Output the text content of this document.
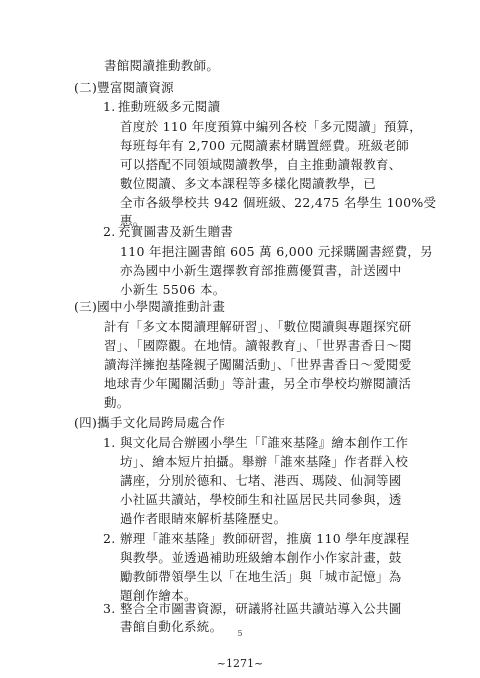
書館閱讀推動教師。
(二)豐富閱讀資源
1. 推動班級多元閱讀
首度於 110 年度預算中編列各校「多元閱讀」預算，
每班每年有 2,700 元閱讀素材購置經費。班級老師
可以搭配不同領域閱讀教學，自主推動讀報教育、
數位閱讀、多文本課程等多樣化閱讀教學，已
全市各級學校共 942 個班級、22,475 名學生 100%受
惠。
2. 充實圖書及新生贈書
110 年挹注圖書館 605 萬 6,000 元採購圖書經費，另
亦為國中小新生選擇教育部推薦優質書，計送國中
小新生 5506 本。
(三)國中小學閱讀推動計畫
計有「多文本閱讀理解研習」、「數位閱讀與專題探究研
習」、「國際觀。在地情。讀報教育」、「世界書香日～閱
讀海洋擁抱基隆親子闖關活動」、「世界書香日～愛閱愛
地球青少年闖關活動」等計畫，另全市學校均辦閱讀活
動。
(四)攜手文化局跨局處合作
1. 與文化局合辦國小學生「『誰來基隆』繪本創作工作
坊」、繪本短片拍攝。舉辦「誰來基隆」作者群入校
講座，分別於德和、七堵、港西、瑪陵、仙洞等國
小社區共讀站，學校師生和社區居民共同參與，透
過作者眼睛來解析基隆歷史。
2. 辦理「誰來基隆」教師研習，推廣 110 學年度課程
與教學。並透過補助班級繪本創作小作家計畫，鼓
勵教師帶領學生以「在地生活」與「城市記憶」為
題創作繪本。
3. 整合全市圖書資源，研議將社區共讀站導入公共圖
書館自動化系統。	5
~1271~
